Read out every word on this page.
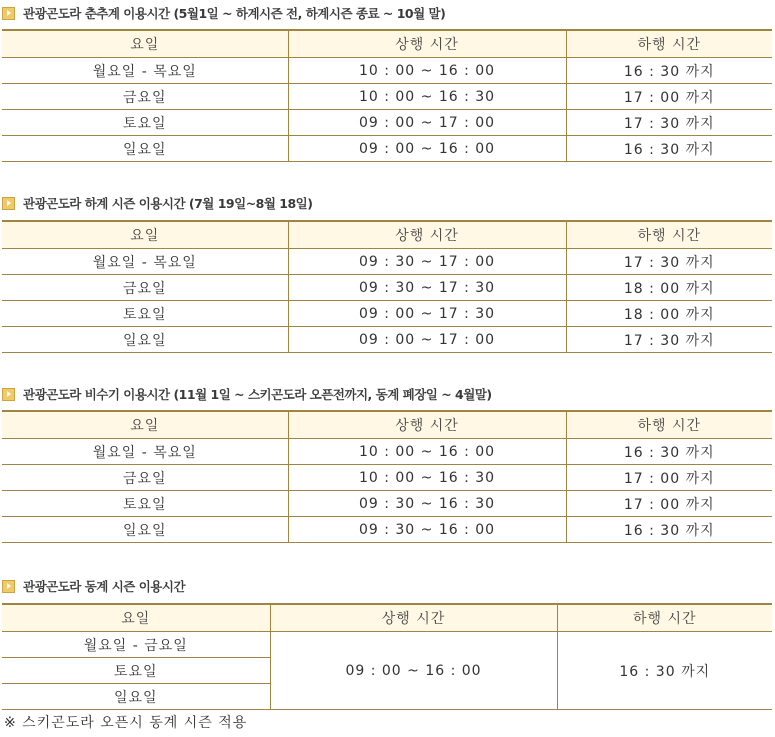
관광곤도라 춘추계 이용시간 (5월1일 ~ 하계시즌 전, 하계시즌 종료 ~ 10월 말)
요일	상행 시간	하행 시간
월요일 - 목요일	10 : 00 ~ 16 : 00	16 : 30 까지
금요일	10 : 00 ~ 16 : 30	17 : 00 까지
토요일	09 : 00 ~ 17 : 00	17 : 30 까지
일요일	09 : 00 ~ 16 : 00	16 : 30 까지
관광곤도라 하계 시즌 이용시간 (7월 19일~8월 18일)
요일	상행 시간	하행 시간
월요일 - 목요일	09 : 30 ~ 17 : 00	17 : 30 까지
금요일	09 : 30 ~ 17 : 30	18 : 00 까지
토요일	09 : 00 ~ 17 : 30	18 : 00 까지
일요일	09 : 00 ~ 17 : 00	17 : 30 까지
관광곤도라 비수기 이용시간 (11월 1일 ~ 스키곤도라 오픈전까지, 동계 폐장일 ~ 4월말)
요일	상행 시간	하행 시간
월요일 - 목요일	10 : 00 ~ 16 : 00	16 : 30 까지
금요일	10 : 00 ~ 16 : 30	17 : 00 까지
토요일	09 : 30 ~ 16 : 30	17 : 00 까지
일요일	09 : 30 ~ 16 : 00	16 : 30 까지
관광곤도라 동계 시즌 이용시간
요일	상행 시간	하행 시간
월요일 - 금요일	09 : 00 ~ 16 : 00	16 : 30 까지
토요일		
일요일		
※ 스키곤도라 오픈시 동계 시즌 적용
